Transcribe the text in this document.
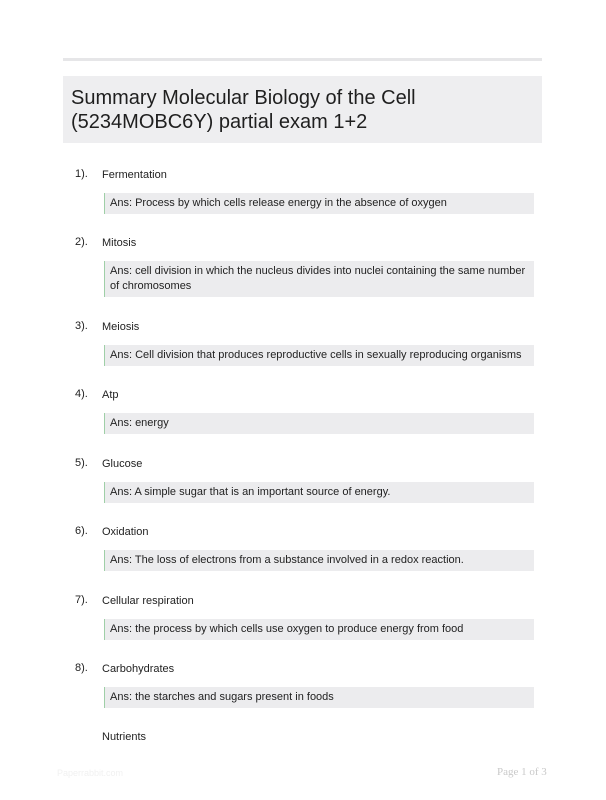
Summary Molecular Biology of the Cell (5234MOBC6Y) partial exam 1+2
1). Fermentation
Ans: Process by which cells release energy in the absence of oxygen
2). Mitosis
Ans: cell division in which the nucleus divides into nuclei containing the same number of chromosomes
3). Meiosis
Ans: Cell division that produces reproductive cells in sexually reproducing organisms
4). Atp
Ans: energy
5). Glucose
Ans: A simple sugar that is an important source of energy.
6). Oxidation
Ans: The loss of electrons from a substance involved in a redox reaction.
7). Cellular respiration
Ans: the process by which cells use oxygen to produce energy from food
8). Carbohydrates
Ans: the starches and sugars present in foods
Nutrients
Paperrabbit.com	Page 1 of 3
